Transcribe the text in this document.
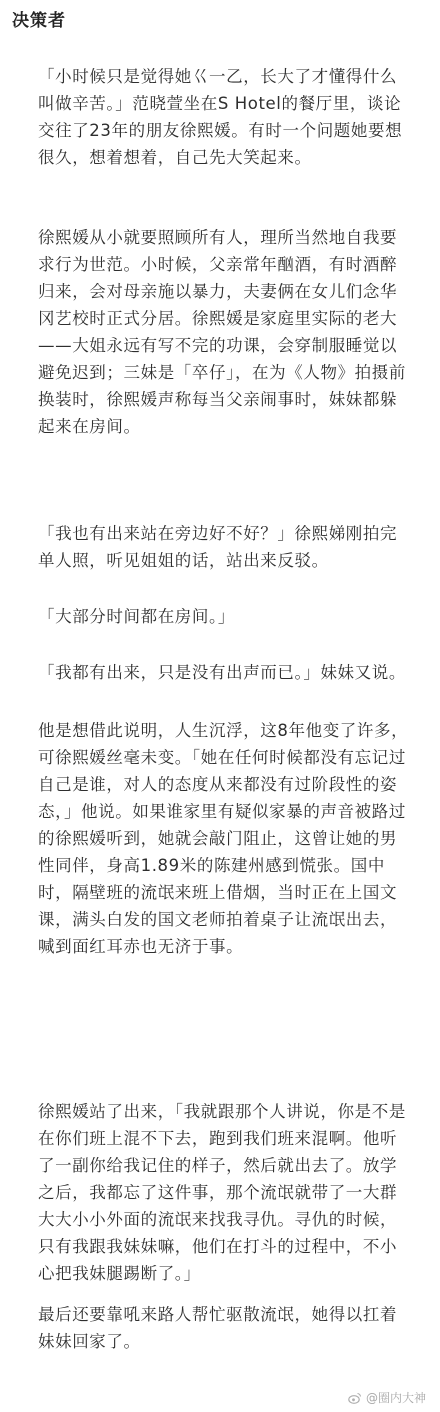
决策者

「小时候只是觉得她巜一乙，长大了才懂得什么叫做辛苦。」范晓萱坐在S Hotel的餐厅里，谈论交往了23年的朋友徐熙媛。有时一个问题她要想很久，想着想着，自己先大笑起来。

徐熙媛从小就要照顾所有人，理所当然地自我要求行为世范。小时候，父亲常年酗酒，有时酒醉归来，会对母亲施以暴力，夫妻俩在女儿们念华冈艺校时正式分居。徐熙媛是家庭里实际的老大——大姐永远有写不完的功课，会穿制服睡觉以避免迟到；三妹是「卒仔」，在为《人物》拍摄前换装时，徐熙媛声称每当父亲闹事时，妹妹都躲起来在房间。

「我也有出来站在旁边好不好？」徐熙娣刚拍完单人照，听见姐姐的话，站出来反驳。

「大部分时间都在房间。」

「我都有出来，只是没有出声而已。」妹妹又说。

他是想借此说明，人生沉浮，这8年他变了许多，可徐熙媛丝毫未变。「她在任何时候都没有忘记过自己是谁，对人的态度从来都没有过阶段性的姿态，」他说。如果谁家里有疑似家暴的声音被路过的徐熙媛听到，她就会敲门阻止，这曾让她的男性同伴，身高1.89米的陈建州感到慌张。国中时，隔壁班的流氓来班上借烟，当时正在上国文课，满头白发的国文老师拍着桌子让流氓出去，喊到面红耳赤也无济于事。

徐熙媛站了出来，「我就跟那个人讲说，你是不是在你们班上混不下去，跑到我们班来混啊。他听了一副你给我记住的样子，然后就出去了。放学之后，我都忘了这件事，那个流氓就带了一大群大大小小外面的流氓来找我寻仇。寻仇的时候，只有我跟我妹妹嘛，他们在打斗的过程中，不小心把我妹腿踢断了。」

最后还要靠吼来路人帮忙驱散流氓，她得以扛着妹妹回家了。

@圈内大神
